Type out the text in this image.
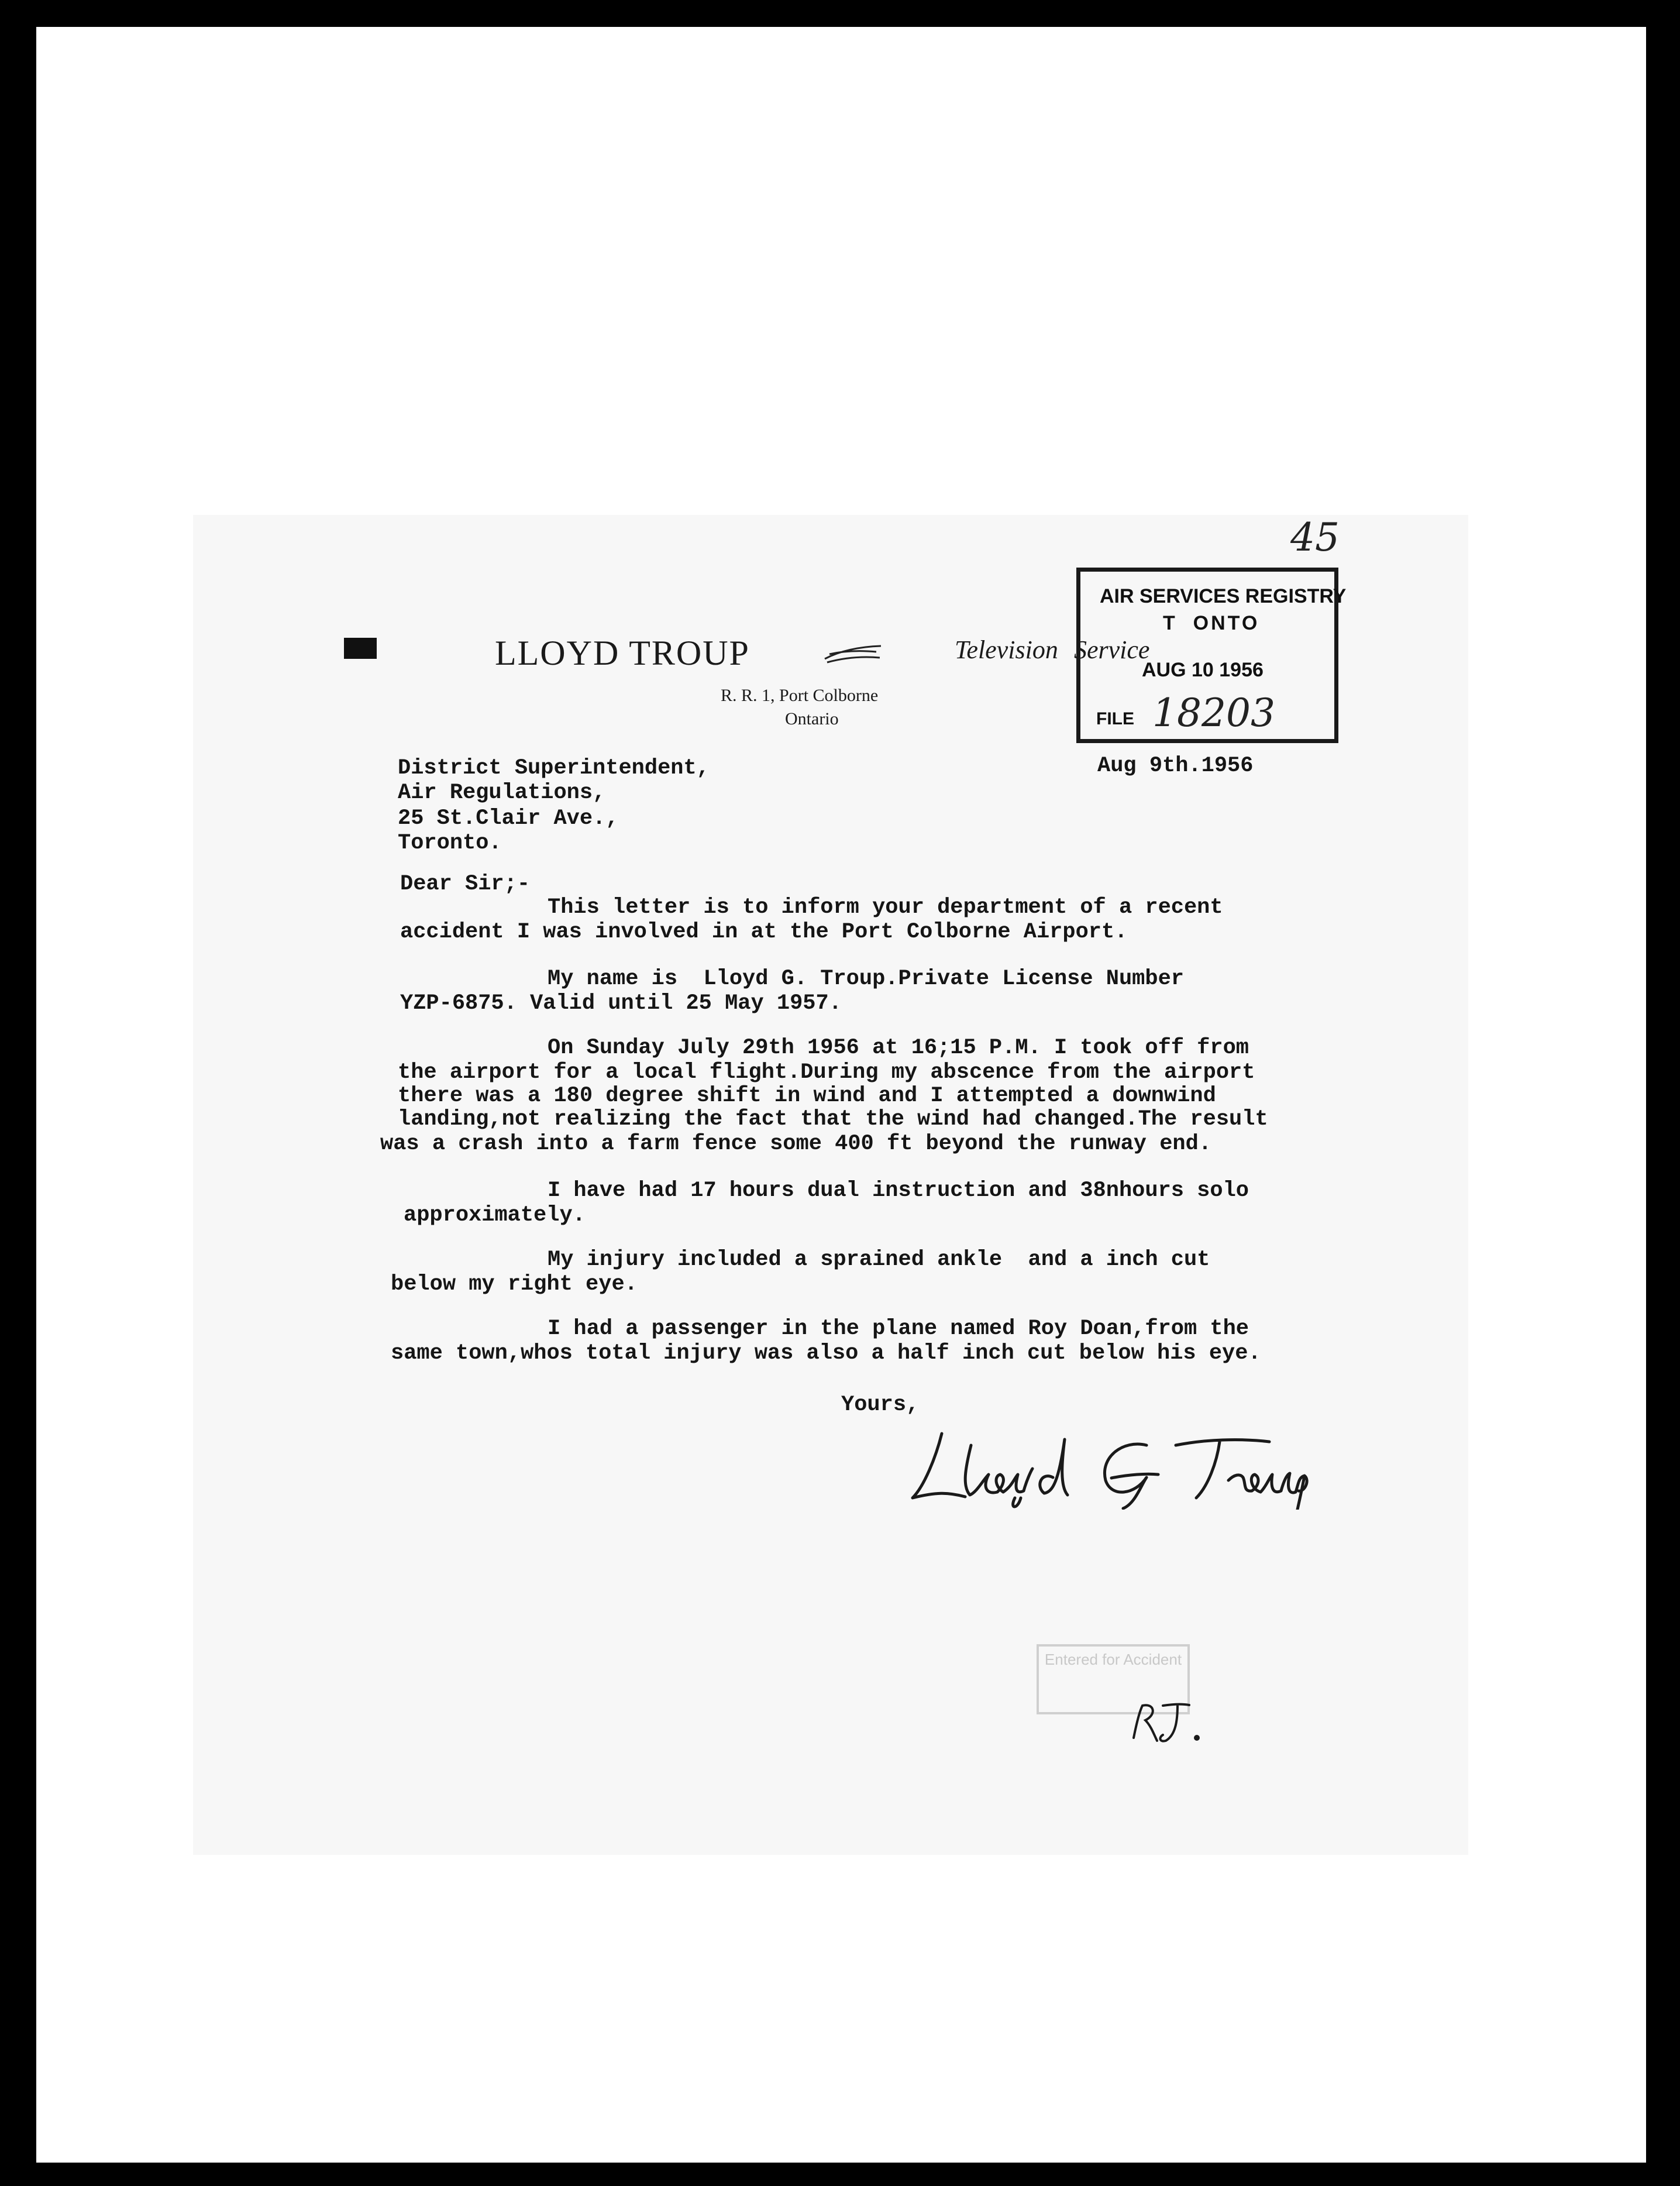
LLOYD TROUP
R. R. 1, Port Colborne
Ontario
Television Service
AIR SERVICES REGISTRY
T  ONTO
AUG 10 1956
FILE 18203
45
Aug 9th.1956
District Superintendent,
Air Regulations,
25 St.Clair Ave.,
Toronto.
Dear Sir;-
This letter is to inform your department of a recent
accident I was involved in at the Port Colborne Airport.
My name is  Lloyd G. Troup.Private License Number
YZP-6875. Valid until 25 May 1957.
On Sunday July 29th 1956 at 16;15 P.M. I took off from
the airport for a local flight.During my abscence from the airport
there was a 180 degree shift in wind and I attempted a downwind
landing,not realizing the fact that the wind had changed.The result
was a crash into a farm fence some 400 ft beyond the runway end.
I have had 17 hours dual instruction and 38nhours solo
approximately.
My injury included a sprained ankle  and a inch cut
below my right eye.
I had a passenger in the plane named Roy Doan,from the
same town,whos total injury was also a half inch cut below his eye.
Yours,
Entered for Accident
